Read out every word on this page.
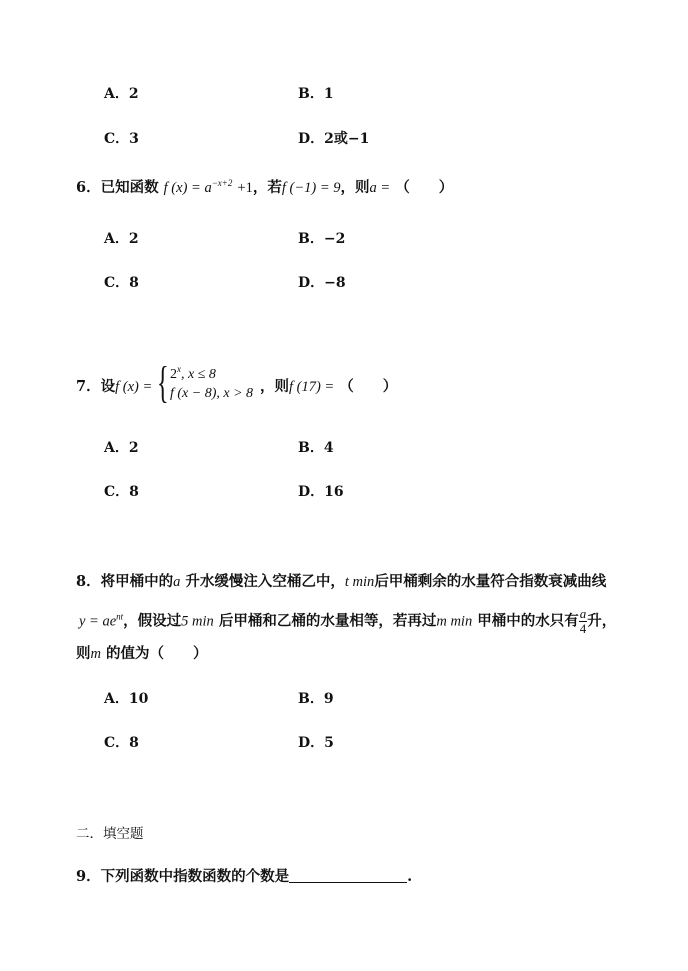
A．2	B．1
C．3	D．2或−1
6．已知函数 f $(x) = a^{-x+2} +1$，若f (−1) = 9，则a = （　　）
A．2	B．−2
C．8	D．−8
7．设f (x) = { 2$^x$, x ≤ 8
f (x − 8), x > 8 ，则f (17) = （　　）
A．2	B．4
C．8	D．16
8．将甲桶中的a 升水缓慢注入空桶乙中，t min后甲桶剩余的水量符合指数衰减曲线
$y = ae^{nt}$，假设过5 min 后甲桶和乙桶的水量相等，若再过m min 甲桶中的水只有 $\frac{a}{4}$ 升，
则m 的值为（　　）
A．10	B．9
C．8	D．5
二．填空题
9．下列函数中指数函数的个数是	.
